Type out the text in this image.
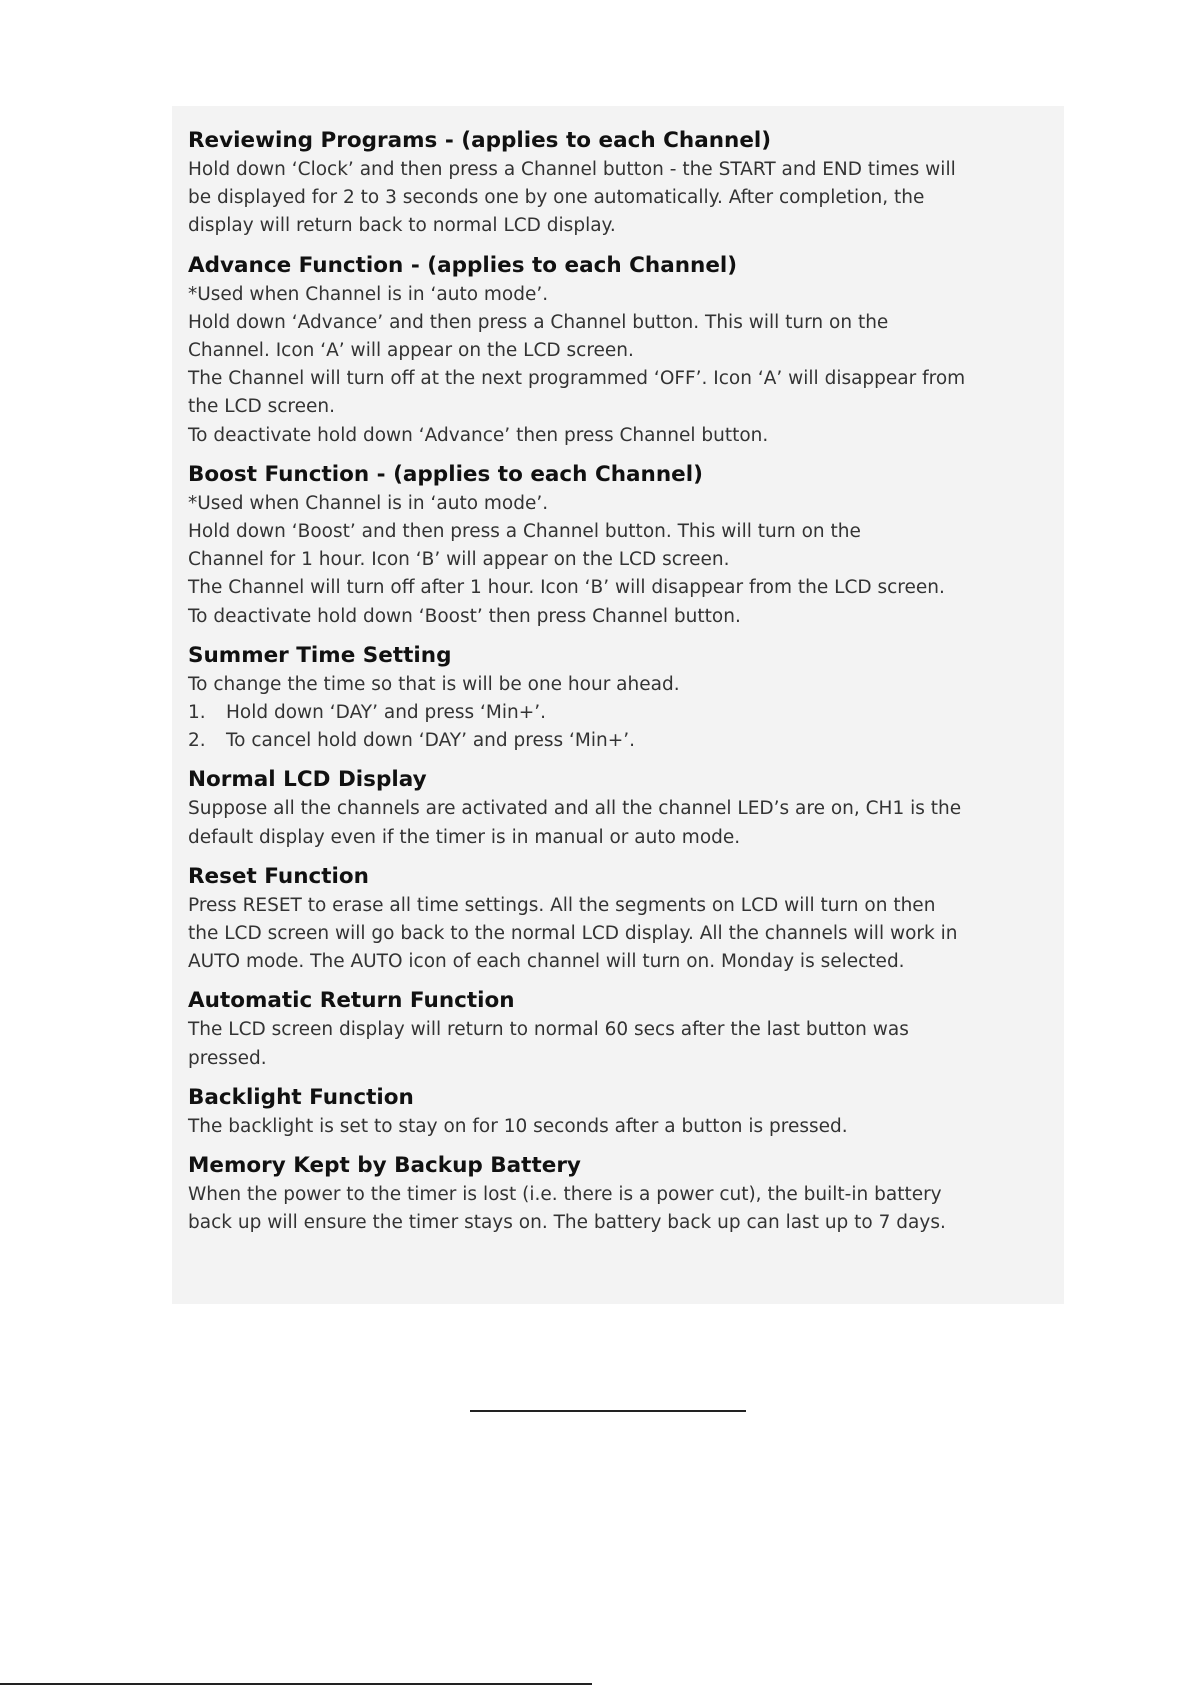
Reviewing Programs - (applies to each Channel)

Hold down ‘Clock’ and then press a Channel button - the START and END times will

be displayed for 2 to 3 seconds one by one automatically. After completion, the

display will return back to normal LCD display.

Advance Function - (applies to each Channel)

*Used when Channel is in ‘auto mode’.

Hold down ‘Advance’ and then press a Channel button. This will turn on the

Channel. Icon ‘A’ will appear on the LCD screen.

The Channel will turn off at the next programmed ‘OFF’. Icon ‘A’ will disappear from

the LCD screen.

To deactivate hold down ‘Advance’ then press Channel button.

Boost Function - (applies to each Channel)

*Used when Channel is in ‘auto mode’.

Hold down ‘Boost’ and then press a Channel button. This will turn on the

Channel for 1 hour. Icon ‘B’ will appear on the LCD screen.

The Channel will turn off after 1 hour. Icon ‘B’ will disappear from the LCD screen.

To deactivate hold down ‘Boost’ then press Channel button.

Summer Time Setting

To change the time so that is will be one hour ahead.

1.	Hold down ‘DAY’ and press ‘Min+’.

2.	To cancel hold down ‘DAY’ and press ‘Min+’.

Normal LCD Display

Suppose all the channels are activated and all the channel LED’s are on, CH1 is the

default display even if the timer is in manual or auto mode.

Reset Function

Press RESET to erase all time settings. All the segments on LCD will turn on then

the LCD screen will go back to the normal LCD display. All the channels will work in

AUTO mode. The AUTO icon of each channel will turn on. Monday is selected.

Automatic Return Function

The LCD screen display will return to normal 60 secs after the last button was

pressed.

Backlight Function

The backlight is set to stay on for 10 seconds after a button is pressed.

Memory Kept by Backup Battery

When the power to the timer is lost (i.e. there is a power cut), the built-in battery

back up will ensure the timer stays on. The battery back up can last up to 7 days.
